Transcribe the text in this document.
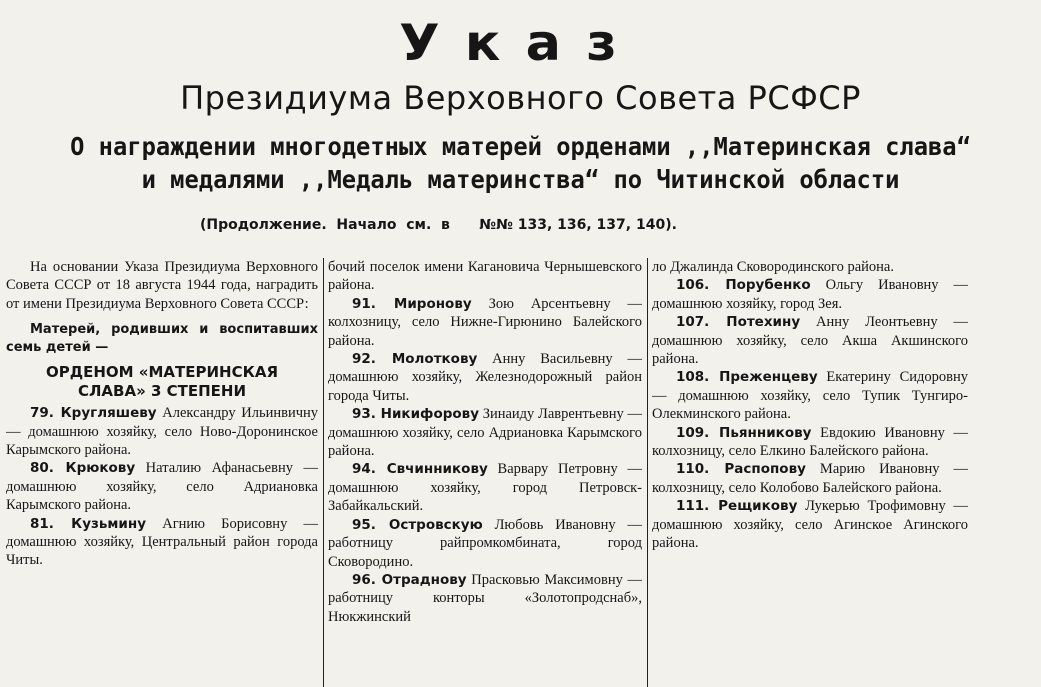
Указ
Президиума Верховного Совета РСФСР
О награждении многодетных матерей орденами ,,Материнская слава“
и медалями ,,Медаль материнства“ по Читинской области
(Продолжение.  Начало  см.  в      №№ 133, 136, 137, 140).

На основании Указа Президиума Верховного Совета СССР от 18 августа 1944 года, наградить от имени Президиума Верховного Совета СССР:

Матерей, родивших и воспитавших семь детей —

ОРДЕНОМ «МАТЕРИНСКАЯ
СЛАВА» 3 СТЕПЕНИ

79. Кругляшеву Александру Ильинвичну — домашнюю хозяйку, село Ново-Доронинское Карымского района.

80. Крюкову Наталию Афанасьевну — домашнюю хозяйку, село Адриановка Карымского района.

81. Кузьмину Агнию Борисовну — домашнюю хозяйку, Центральный район города Читы.

бочий поселок имени Кагановича Чернышевского района.

91. Миронову Зою Арсентьевну —колхозницу, село Нижне-Гирюнино Балейского района.

92. Молоткову Анну Васильевну — домашнюю хозяйку, Железнодорожный район города Читы.

93. Никифорову Зинаиду Лаврентьевну — домашнюю хозяйку, село Адриановка Карымского района.

94. Свчинникову Варвару Петровну — домашнюю хозяйку, город Петровск-Забайкальский.

95. Островскую Любовь Ивановну — работницу райпромкомбината, город Сковородино.

96. Отраднову Прасковью Максимовну — работницу конторы «Золотопродснаб», Нюкжинский

ло Джалинда Сковородинского района.

106. Порубенко Ольгу Ивановну — домашнюю хозяйку, город Зея.

107. Потехину Анну Леонтьевну — домашнюю хозяйку, село Акша Акшинского района.

108. Преженцеву Екатерину Сидоровну — домашнюю хозяйку, село Тупик Тунгиро-Олекминского района.

109. Пьянникову Евдокию Ивановну — колхозницу, село Елкино Балейского района.

110. Распопову Марию Ивановну — колхозницу, село Колобово Балейского района.

111. Рещикову Лукерью Трофимовну — домашнюю хозяйку, село Агинское Агинского района.
